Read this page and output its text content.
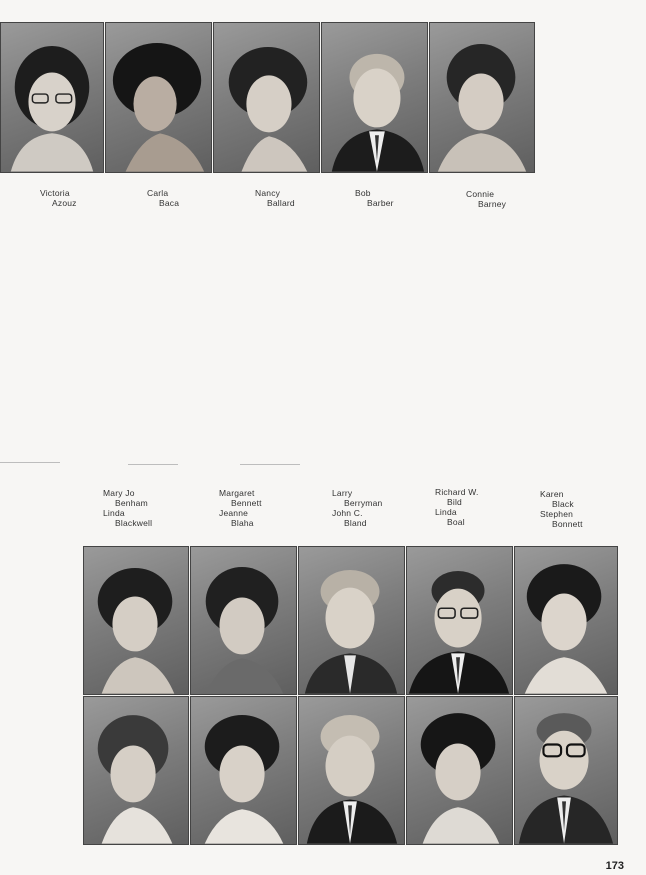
Victoria
Azouz
Carla
Baca
Nancy
Ballard
Bob
Barber
Connie
Barney
Mary Jo
Benham
Linda
Blackwell
Margaret
Bennett
Jeanne
Blaha
Larry
Berryman
John C.
Bland
Richard W.
Bild
Linda
Boal
Karen
Black
Stephen
Bonnett
173
